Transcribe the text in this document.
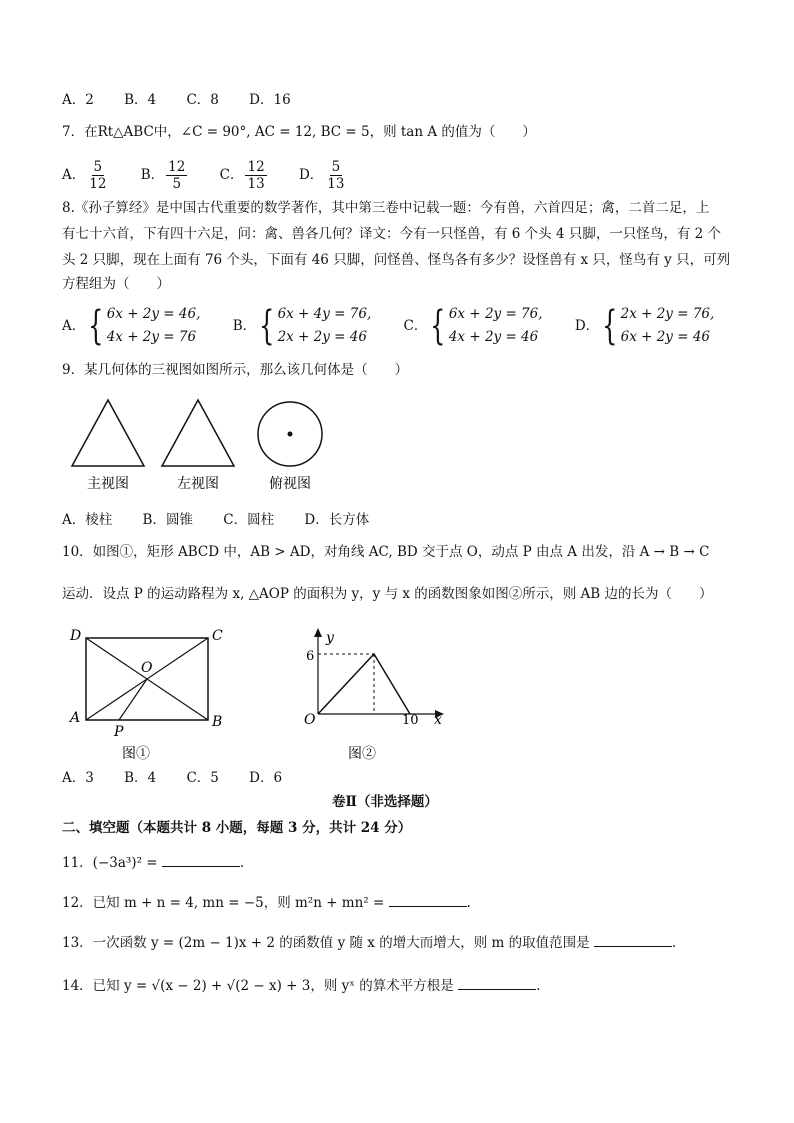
A．2 B．4 C．8 D．16
7．在Rt△ABC中，∠C = 90°, AC = 12, BC = 5，则 tan A 的值为（　　）
A． $\frac{5}{12}$ B． $\frac{12}{5}$ C． $\frac{12}{13}$ D． $\frac{5}{13}$
8.《孙子算经》是中国古代重要的数学著作，其中第三卷中记载一题：今有兽，六首四足；禽，二首二足，上
有七十六首，下有四十六足，问：禽、兽各几何？译文：今有一只怪兽，有 6 个头 4 只脚，一只怪鸟，有 2 个
头 2 只脚，现在上面有 76 个头，下面有 46 只脚，问怪兽、怪鸟各有多少？设怪兽有 x 只，怪鸟有 y 只，可列
方程组为（　　）
A． { 6x + 2y = 46,
4x + 2y = 76

B． { 6x + 4y = 76,
2x + 2y = 46

C． { 6x + 2y = 76,
4x + 2y = 46

D． { 2x + 2y = 76,
6x + 2y = 46
9．某几何体的三视图如图所示，那么该几何体是（　　）
主视图	左视图	俯视图
A．棱柱 B．圆锥 C．圆柱 D．长方体
10．如图①，矩形 ABCD 中，AB > AD，对角线 AC, BD 交于点 O，动点 P 由点 A 出发，沿 A → B → C
运动．设点 P 的运动路程为 x, △AOP 的面积为 y，y 与 x 的函数图象如图②所示，则 AB 边的长为（　　）
D	C
O
A
P
B
图①
y
x
O
6
10
图②
A．3 B．4 C．5 D．6
卷Ⅱ（非选择题）
二、填空题（本题共计 8 小题，每题 3 分，共计 24 分）
11．(−3a³)² =	.
12．已知 m + n = 4, mn = −5，则 m²n + mn² =	.
13．一次函数 y = (2m − 1)x + 2 的函数值 y 随 x 的增大而增大，则 m 的取值范围是	.
14．已知 y = √(x − 2) + √(2 − x) + 3，则 yˣ 的算术平方根是	.
